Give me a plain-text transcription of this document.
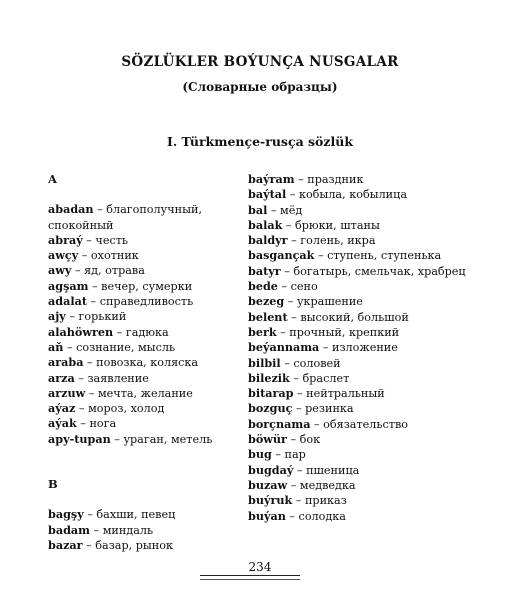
SÖZLÜKLER BOÝUNÇA NUSGALAR
(Словарные образцы)
I. Türkmençe-rusça sözlük
A
abadan – благополучный, спокойный
abraý – честь
awçy – охотник
awy – яд, отрава
agşam – вечер, сумерки
adalat – справедливость
ajy – горький
alahöwren – гадюка
aň – сознание, мысль
araba – повозка, коляска
arza – заявление
arzuw – мечта, желание
aýaz – мороз, холод
aýak – нога
apy-tupan – ураган, метель
B
bagşy – бахши, певец
badam – миндаль
bazar – базар, рынок
baýram – праздник
baýtal – кобыла, кобылица
bal – мёд
balak – брюки, штаны
baldyr – голень, икра
basgançak – ступень, ступенька
batyr – богатырь, смельчак, храбрец
bede – сено
bezeg – украшение
belent – высокий, большой
berk – прочный, крепкий
beýannama – изложение
bilbil – соловей
bilezik – браслет
bitarap – нейтральный
bozguç – резинка
borçnama – обязательство
böwür – бок
bug – пар
bugdaý – пшеница
buzaw – медведка
buýruk – приказ
buýan – солодка
234
